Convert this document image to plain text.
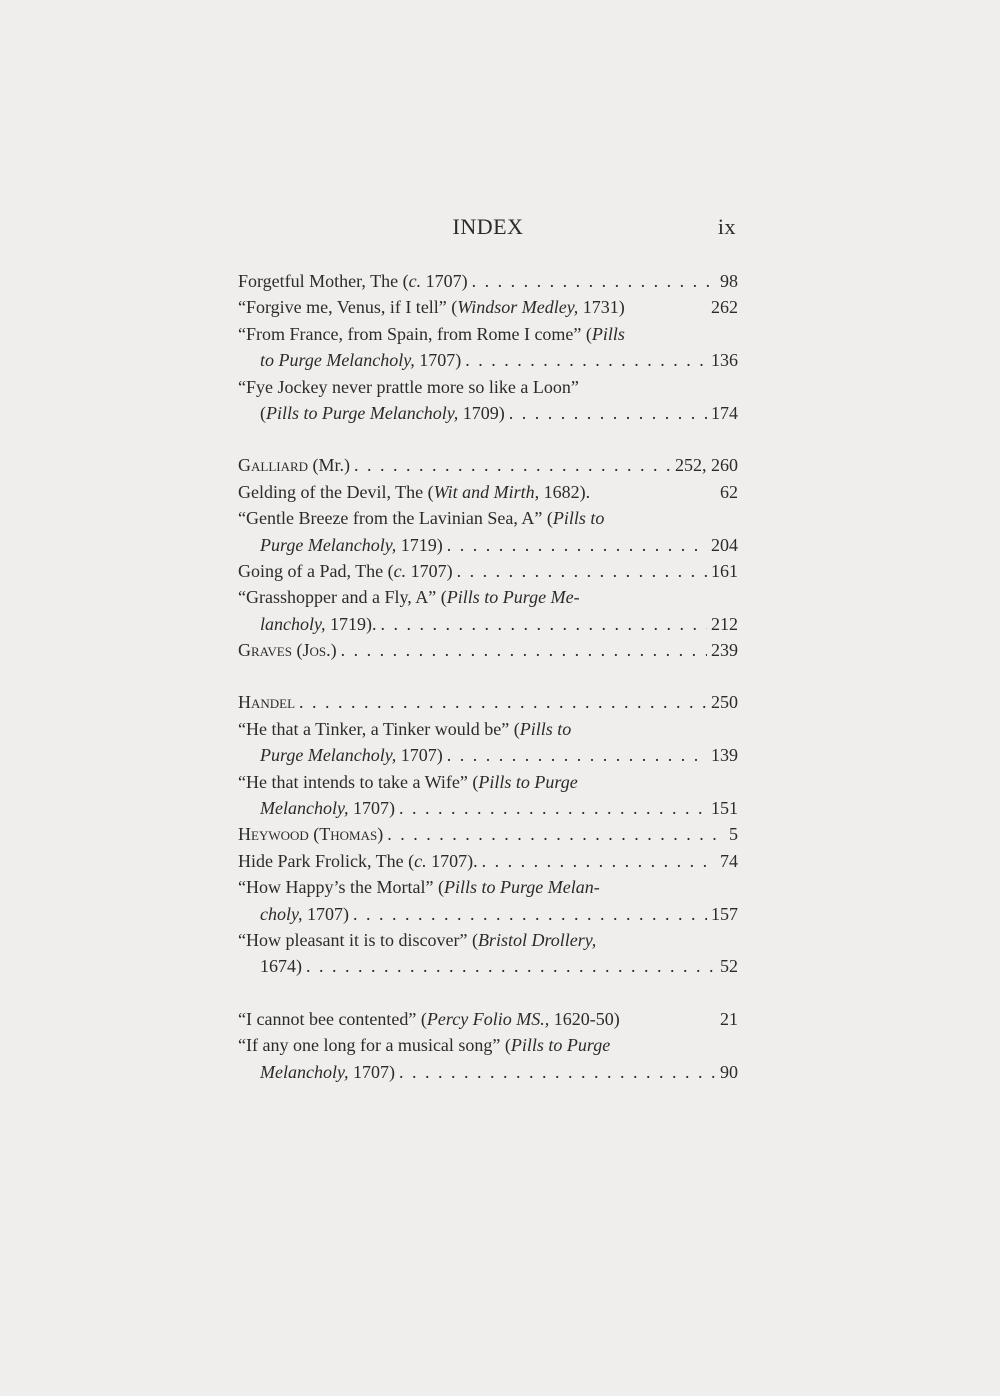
INDEX	ix
Forgetful Mother, The (c. 1707) . . .	98
“Forgive me, Venus, if I tell” (Windsor Medley, 1731)	262
“From France, from Spain, from Rome I come” (Pills
to Purge Melancholy, 1707) . . .	136
“Fye Jockey never prattle more so like a Loon”
(Pills to Purge Melancholy, 1709) . . .	174
Galliard (Mr.) . . .	252, 260
Gelding of the Devil, The (Wit and Mirth, 1682).	62
“Gentle Breeze from the Lavinian Sea, A” (Pills to
Purge Melancholy, 1719) . . .	204
Going of a Pad, The (c. 1707) . . .	161
“Grasshopper and a Fly, A” (Pills to Purge Me-
lancholy, 1719). . . .	212
Graves (Jos.) . . .	239
Handel . . .	250
“He that a Tinker, a Tinker would be” (Pills to
Purge Melancholy, 1707) . . .	139
“He that intends to take a Wife” (Pills to Purge
Melancholy, 1707) . . .	151
Heywood (Thomas) . . .	5
Hide Park Frolick, The (c. 1707). . . .	74
“How Happy’s the Mortal” (Pills to Purge Melan-
choly, 1707) . . .	157
“How pleasant it is to discover” (Bristol Drollery,
1674) . . .	52
“I cannot bee contented” (Percy Folio MS., 1620-50)	21
“If any one long for a musical song” (Pills to Purge
Melancholy, 1707) . . .	90
